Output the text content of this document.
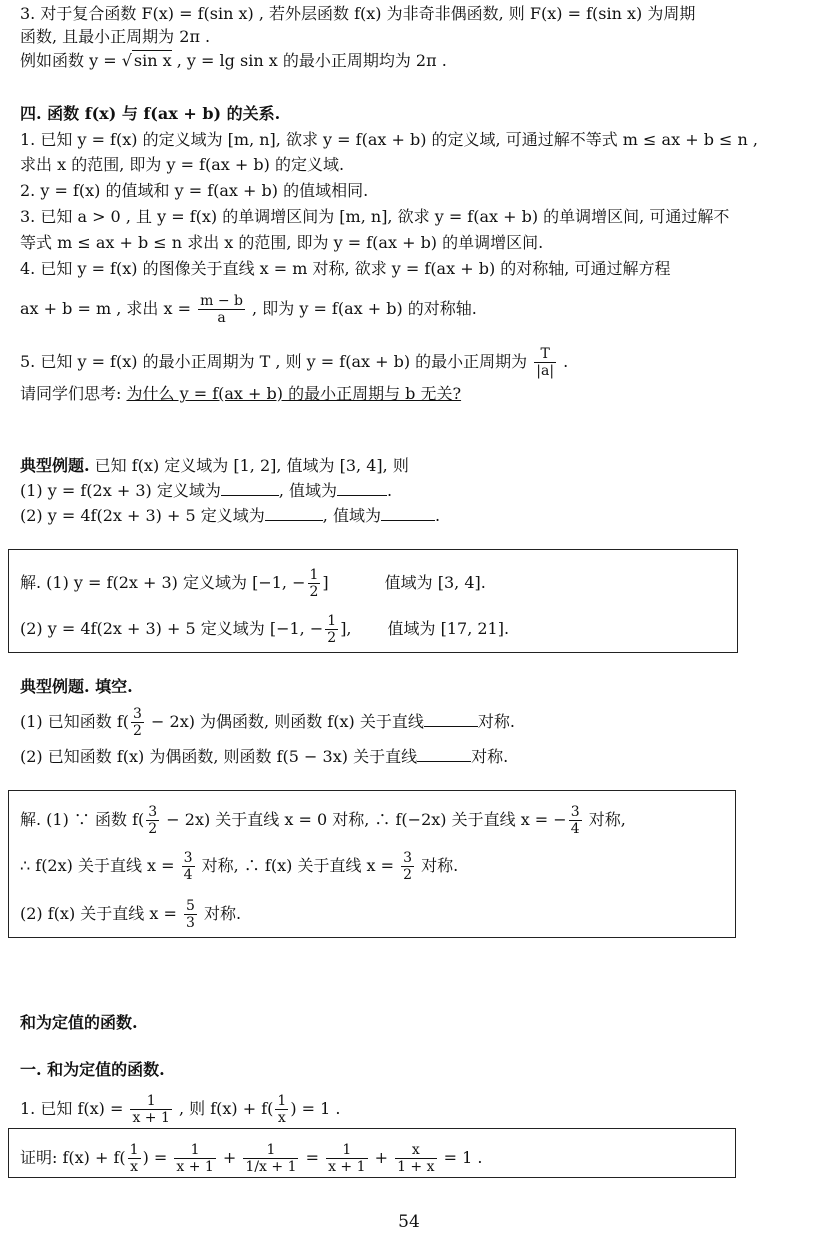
3. 对于复合函数 F(x) = f(sin x) , 若外层函数 f(x) 为非奇非偶函数, 则 F(x) = f(sin x) 为周期
函数, 且最小正周期为 2π .
例如函数 y = √ sin x , y = lg sin x 的最小正周期均为 2π .
四. 函数 f(x) 与 f(ax + b) 的关系.
1. 已知 y = f(x) 的定义域为 [m, n], 欲求 y = f(ax + b) 的定义域, 可通过解不等式 m ≤ ax + b ≤ n ,
求出 x 的范围, 即为 y = f(ax + b) 的定义域.
2. y = f(x) 的值域和 y = f(ax + b) 的值域相同.
3. 已知 a > 0 , 且 y = f(x) 的单调增区间为 [m, n], 欲求 y = f(ax + b) 的单调增区间, 可通过解不
等式 m ≤ ax + b ≤ n 求出 x 的范围, 即为 y = f(ax + b) 的单调增区间.
4. 已知 y = f(x) 的图像关于直线 x = m 对称, 欲求 y = f(ax + b) 的对称轴, 可通过解方程
ax + b = m , 求出 $x = \frac{m - b}{a}$ , 即为 y = f(ax + b) 的对称轴.
5. 已知 y = f(x) 的最小正周期为 T , 则 y = f(ax + b) 的最小正周期为 $\frac{T}{|a|}$ .
请同学们思考: 为什么 y = f(ax + b) 的最小正周期与 b 无关?
典型例题. 已知 f(x) 定义域为 [1, 2], 值域为 [3, 4], 则
(1) y = f(2x + 3) 定义域为	, 值域为	.
(2) y = 4f(2x + 3) + 5 定义域为	, 值域为	.
解. (1) y = f(2x + 3) 定义域为 [−1, − $\frac{1}{2}$ ]	值域为 [3, 4].
(2) y = 4f(2x + 3) + 5 定义域为 [−1, − $\frac{1}{2}$ ], 值域为 [17, 21].
典型例题. 填空.
(1) 已知函数 $f( \frac{3}{2} - 2x)$ 为偶函数, 则函数 f(x) 关于直线	对称.
(2) 已知函数 f(x) 为偶函数, 则函数 f(5 − 3x) 关于直线	对称.
解. (1) ∵ 函数 $f( \frac{3}{2} - 2x)$ 关于直线 x = 0 对称, ∴ f(−2x) 关于直线 x = − $\frac{3}{4}$ 对称,
∴ f(2x) 关于直线 $x = \frac{3}{4}$ 对称, ∴ f(x) 关于直线 $x = \frac{3}{2}$ 对称.
(2) f(x) 关于直线 $x = \frac{5}{3}$ 对称.
和为定值的函数.
一. 和为定值的函数.
1. 已知 $f(x) = \frac{1}{x + 1}$ , 则 $f(x) + f( \frac{1}{x}$ ) = 1 .
证明: $f(x) + f( \frac{1}{x}$ ) = $\frac{1}{x + 1} + \frac{1}{1/x + 1} = \frac{1}{x + 1} + \frac{x}{1 + x} = 1$ .
54
